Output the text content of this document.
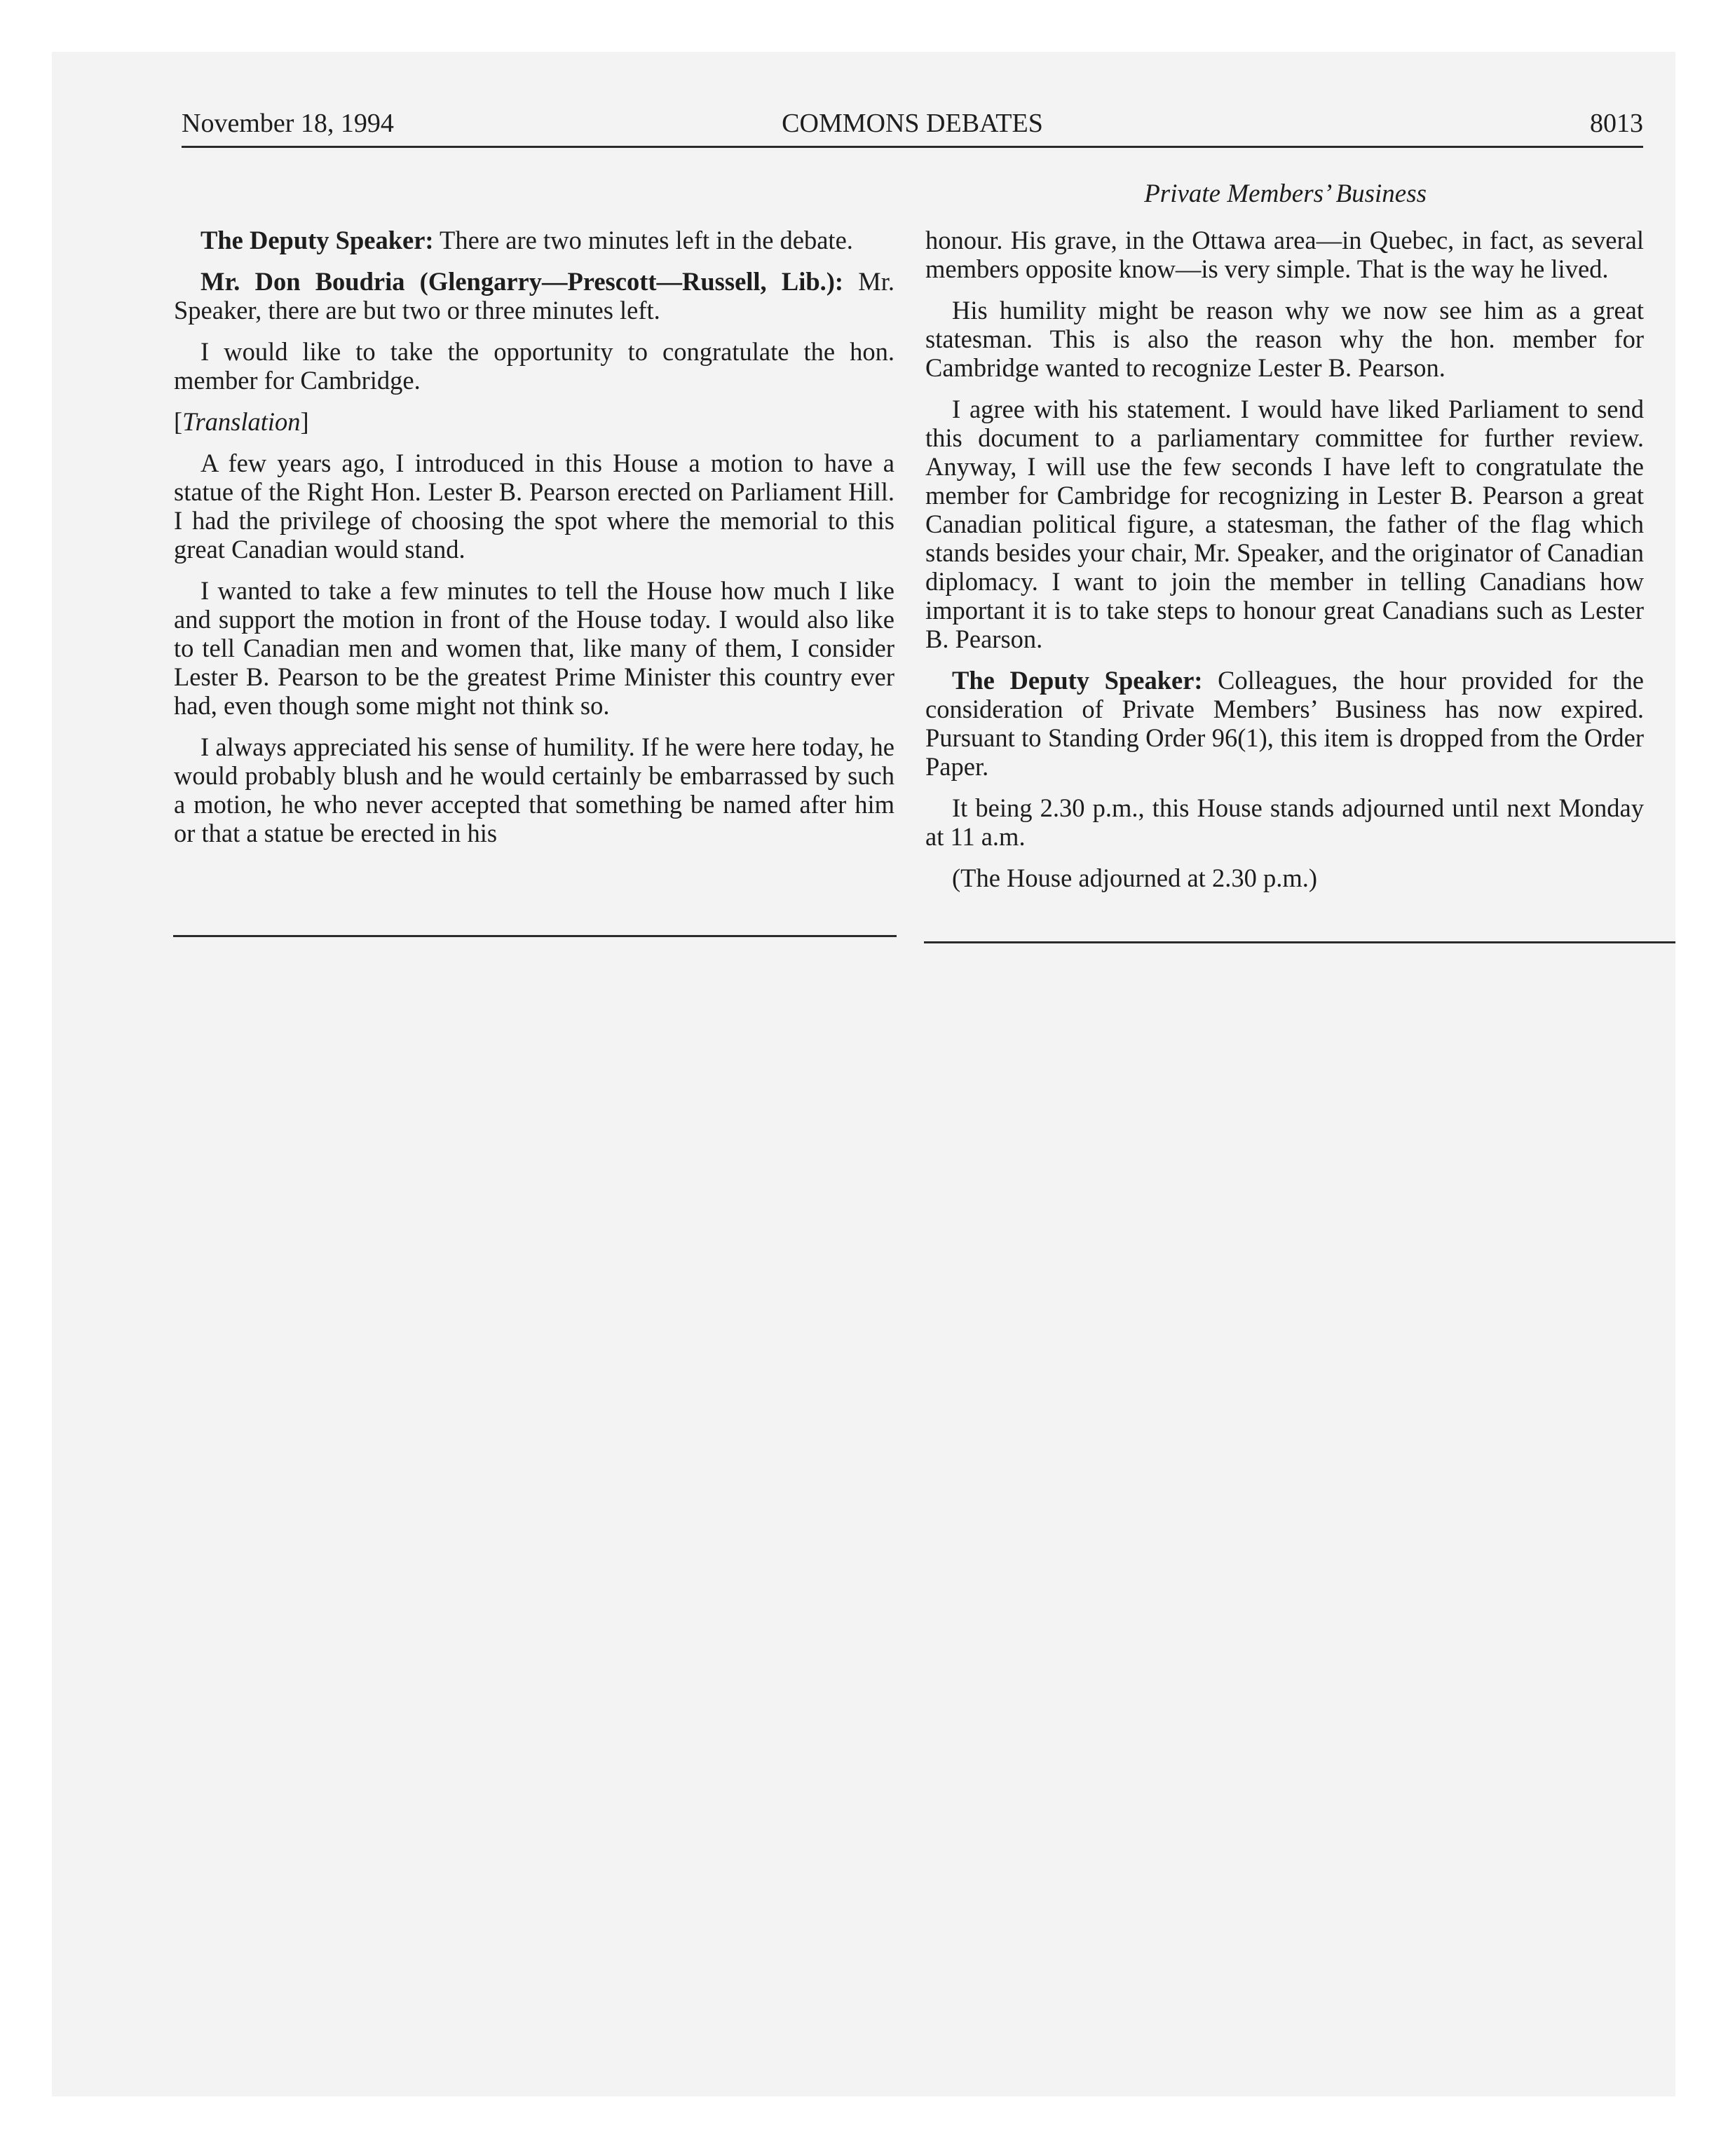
November 18, 1994	COMMONS DEBATES	8013
Private Members’ Business

The Deputy Speaker: There are two minutes left in the debate.

Mr. Don Boudria (Glengarry—Prescott—Russell, Lib.): Mr. Speaker, there are but two or three minutes left.

I would like to take the opportunity to congratulate the hon. member for Cambridge.

[Translation]

A few years ago, I introduced in this House a motion to have a statue of the Right Hon. Lester B. Pearson erected on Parliament Hill. I had the privilege of choosing the spot where the memorial to this great Canadian would stand.

I wanted to take a few minutes to tell the House how much I like and support the motion in front of the House today. I would also like to tell Canadian men and women that, like many of them, I consider Lester B. Pearson to be the greatest Prime Minister this country ever had, even though some might not think so.

I always appreciated his sense of humility. If he were here today, he would probably blush and he would certainly be embarrassed by such a motion, he who never accepted that something be named after him or that a statue be erected in his

honour. His grave, in the Ottawa area—in Quebec, in fact, as several members opposite know—is very simple. That is the way he lived.

His humility might be reason why we now see him as a great statesman. This is also the reason why the hon. member for Cambridge wanted to recognize Lester B. Pearson.

I agree with his statement. I would have liked Parliament to send this document to a parliamentary committee for further review. Anyway, I will use the few seconds I have left to congratulate the member for Cambridge for recognizing in Lester B. Pearson a great Canadian political figure, a statesman, the father of the flag which stands besides your chair, Mr. Speaker, and the originator of Canadian diplomacy. I want to join the member in telling Canadians how important it is to take steps to honour great Canadians such as Lester B. Pearson.

The Deputy Speaker: Colleagues, the hour provided for the consideration of Private Members’ Business has now expired. Pursuant to Standing Order 96(1), this item is dropped from the Order Paper.

It being 2.30 p.m., this House stands adjourned until next Monday at 11 a.m.

(The House adjourned at 2.30 p.m.)
